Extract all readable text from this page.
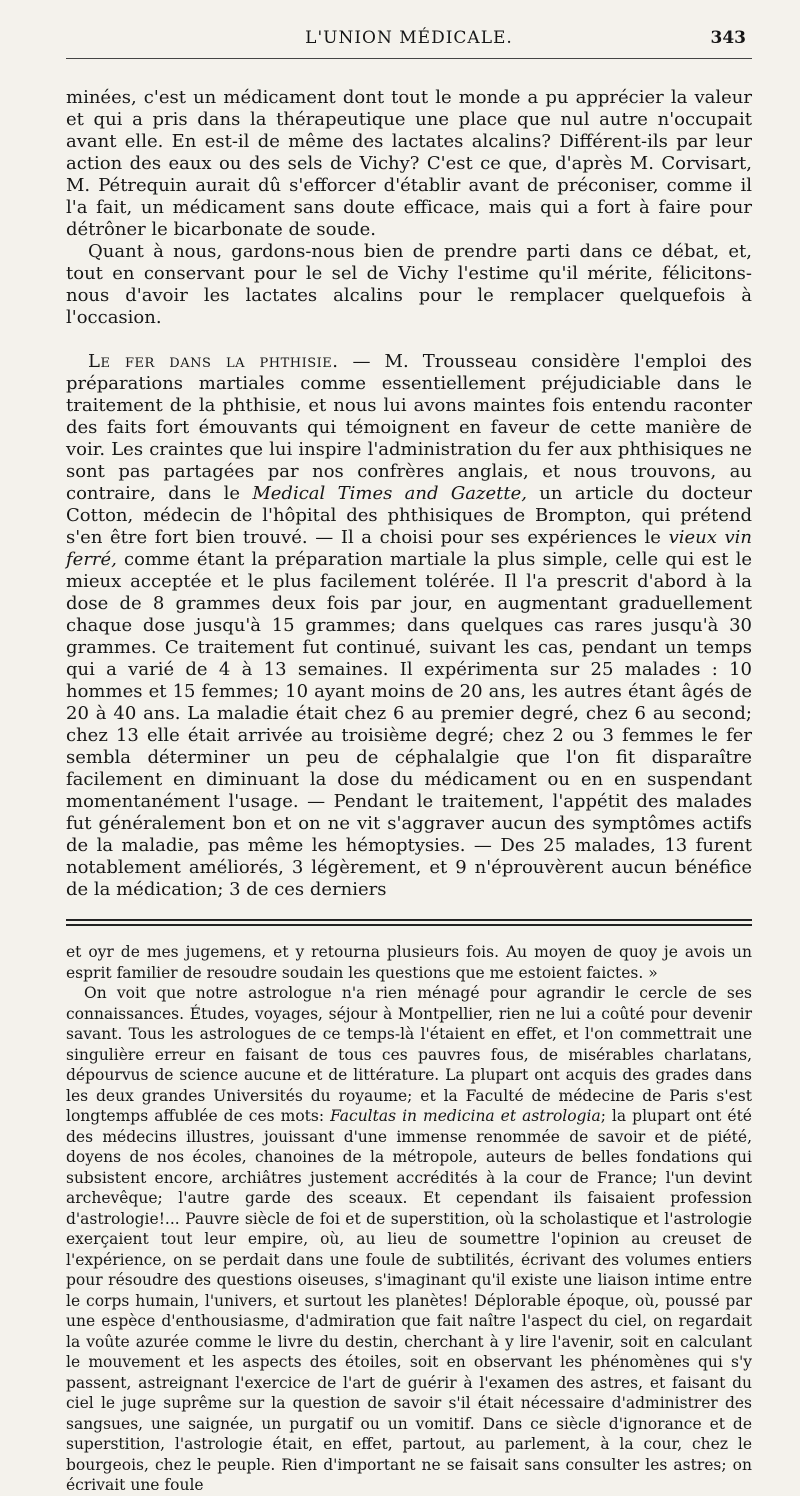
L'UNION MÉDICALE.	343

minées, c'est un médicament dont tout le monde a pu apprécier la valeur et qui a pris dans la thérapeutique une place que nul autre n'occupait avant elle. En est-il de même des lactates alcalins? Différent-ils par leur action des eaux ou des sels de Vichy? C'est ce que, d'après M. Corvisart, M. Pétrequin aurait dû s'efforcer d'établir avant de préconiser, comme il l'a fait, un médicament sans doute efficace, mais qui a fort à faire pour détrôner le bicarbonate de soude.

Quant à nous, gardons-nous bien de prendre parti dans ce débat, et, tout en conservant pour le sel de Vichy l'estime qu'il mérite, félicitons-nous d'avoir les lactates alcalins pour le remplacer quelquefois à l'occasion.

Le fer dans la phthisie. — M. Trousseau considère l'emploi des préparations martiales comme essentiellement préjudiciable dans le traitement de la phthisie, et nous lui avons maintes fois entendu raconter des faits fort émouvants qui témoignent en faveur de cette manière de voir. Les craintes que lui inspire l'administration du fer aux phthisiques ne sont pas partagées par nos confrères anglais, et nous trouvons, au contraire, dans le Medical Times and Gazette, un article du docteur Cotton, médecin de l'hôpital des phthisiques de Brompton, qui prétend s'en être fort bien trouvé. — Il a choisi pour ses expériences le vieux vin ferré, comme étant la préparation martiale la plus simple, celle qui est le mieux acceptée et le plus facilement tolérée. Il l'a prescrit d'abord à la dose de 8 grammes deux fois par jour, en augmentant graduellement chaque dose jusqu'à 15 grammes; dans quelques cas rares jusqu'à 30 grammes. Ce traitement fut continué, suivant les cas, pendant un temps qui a varié de 4 à 13 semaines. Il expérimenta sur 25 malades : 10 hommes et 15 femmes; 10 ayant moins de 20 ans, les autres étant âgés de 20 à 40 ans. La maladie était chez 6 au premier degré, chez 6 au second; chez 13 elle était arrivée au troisième degré; chez 2 ou 3 femmes le fer sembla déterminer un peu de céphalalgie que l'on fit disparaître facilement en diminuant la dose du médicament ou en en suspendant momentanément l'usage. — Pendant le traitement, l'appétit des malades fut généralement bon et on ne vit s'aggraver aucun des symptômes actifs de la maladie, pas même les hémoptysies. — Des 25 malades, 13 furent notablement améliorés, 3 légèrement, et 9 n'éprouvèrent aucun bénéfice de la médication; 3 de ces derniers

et oyr de mes jugemens, et y retourna plusieurs fois. Au moyen de quoy je avois un esprit familier de resoudre soudain les questions que me estoient faictes. »

On voit que notre astrologue n'a rien ménagé pour agrandir le cercle de ses connaissances. Études, voyages, séjour à Montpellier, rien ne lui a coûté pour devenir savant. Tous les astrologues de ce temps-là l'étaient en effet, et l'on commettrait une singulière erreur en faisant de tous ces pauvres fous, de misérables charlatans, dépourvus de science aucune et de littérature. La plupart ont acquis des grades dans les deux grandes Universités du royaume; et la Faculté de médecine de Paris s'est longtemps affublée de ces mots: Facultas in medicina et astrologia; la plupart ont été des médecins illustres, jouissant d'une immense renommée de savoir et de piété, doyens de nos écoles, chanoines de la métropole, auteurs de belles fondations qui subsistent encore, archiâtres justement accrédités à la cour de France; l'un devint archevêque; l'autre garde des sceaux. Et cependant ils faisaient profession d'astrologie!... Pauvre siècle de foi et de superstition, où la scholastique et l'astrologie exerçaient tout leur empire, où, au lieu de soumettre l'opinion au creuset de l'expérience, on se perdait dans une foule de subtilités, écrivant des volumes entiers pour résoudre des questions oiseuses, s'imaginant qu'il existe une liaison intime entre le corps humain, l'univers, et surtout les planètes! Déplorable époque, où, poussé par une espèce d'enthousiasme, d'admiration que fait naître l'aspect du ciel, on regardait la voûte azurée comme le livre du destin, cherchant à y lire l'avenir, soit en calculant le mouvement et les aspects des étoiles, soit en observant les phénomènes qui s'y passent, astreignant l'exercice de l'art de guérir à l'examen des astres, et faisant du ciel le juge suprême sur la question de savoir s'il était nécessaire d'administrer des sangsues, une saignée, un purgatif ou un vomitif. Dans ce siècle d'ignorance et de superstition, l'astrologie était, en effet, partout, au parlement, à la cour, chez le bourgeois, chez le peuple. Rien d'important ne se faisait sans consulter les astres; on écrivait une foule
